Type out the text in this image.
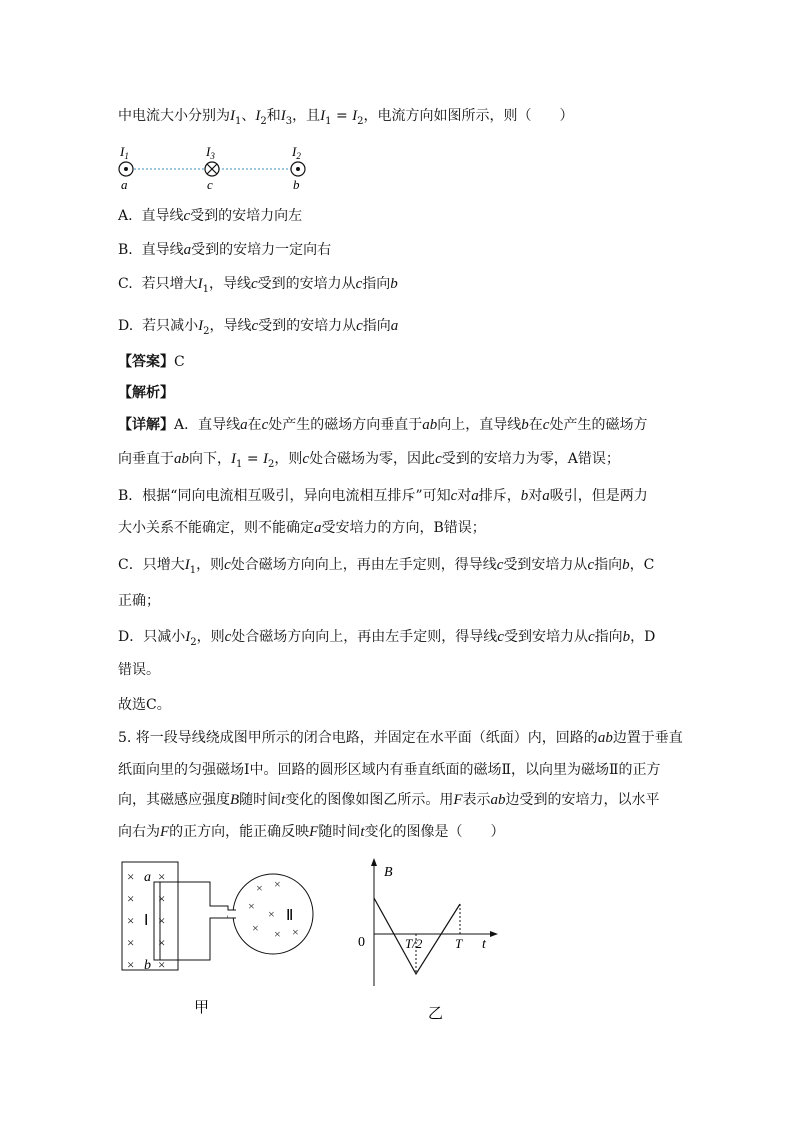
中电流大小分别为$I_1$、$I_2$和$I_3$，且$I_1 = I_2$，电流方向如图所示，则（　　）
$I_1$
a
$I_3$
c
$I_2$
b
A.  直导线c受到的安培力向左
B.  直导线a受到的安培力一定向右
C.  若只增大$I_1$，导线c受到的安培力从c指向b
D.  若只减小$I_2$，导线c受到的安培力从c指向a
【答案】C
【解析】
【详解】A．直导线a在c处产生的磁场方向垂直于ab向上，直导线b在c处产生的磁场方
向垂直于ab向下，$I_1 = I_2$，则c处合磁场为零，因此c受到的安培力为零，A错误；
B．根据“同向电流相互吸引，异向电流相互排斥”可知c对a排斥，b对a吸引，但是两力
大小关系不能确定，则不能确定a受安培力的方向，B错误；
C．只增大$I_1$，则c处合磁场方向向上，再由左手定则，得导线c受到安培力从c指向b，C
正确；
D．只减小$I_2$，则c处合磁场方向向上，再由左手定则，得导线c受到安培力从c指向b，D
错误。
故选C。
5. 将一段导线绕成图甲所示的闭合电路，并固定在水平面（纸面）内，回路的ab边置于垂直
纸面向里的匀强磁场Ⅰ中。回路的圆形区域内有垂直纸面的磁场Ⅱ，以向里为磁场Ⅱ的正方
向，其磁感应强度B随时间t变化的图像如图乙所示。用F表示ab边受到的安培力，以水平
向右为F的正方向，能正确反映F随时间t变化的图像是（　　）
× ×
× ×
× ×
× ×
× ×
a
b
Ⅰ
× ×
×
×
× × ×
Ⅱ
甲
B
t
0	T/2	T
乙
